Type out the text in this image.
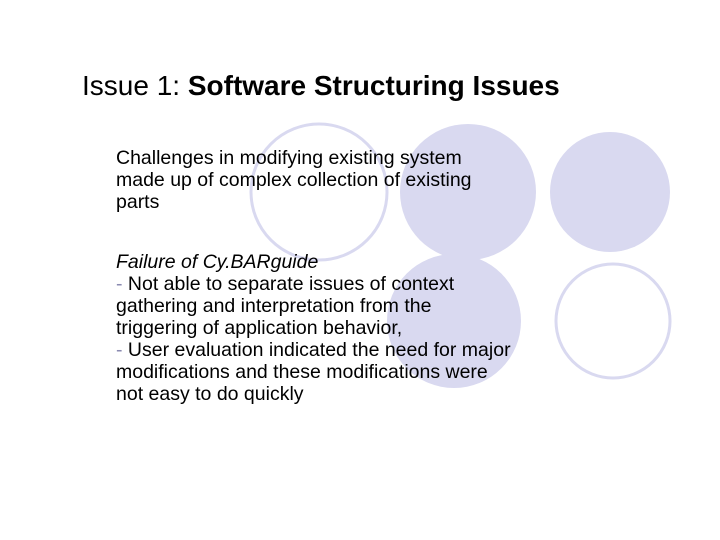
Issue 1: Software Structuring Issues
Challenges in modifying existing system
made up of complex collection of existing
parts
Failure of Cy.BARguide
- Not able to separate issues of context
gathering and interpretation from the
triggering of application behavior,
- User evaluation indicated the need for major
modifications and these modifications were
not easy to do quickly
